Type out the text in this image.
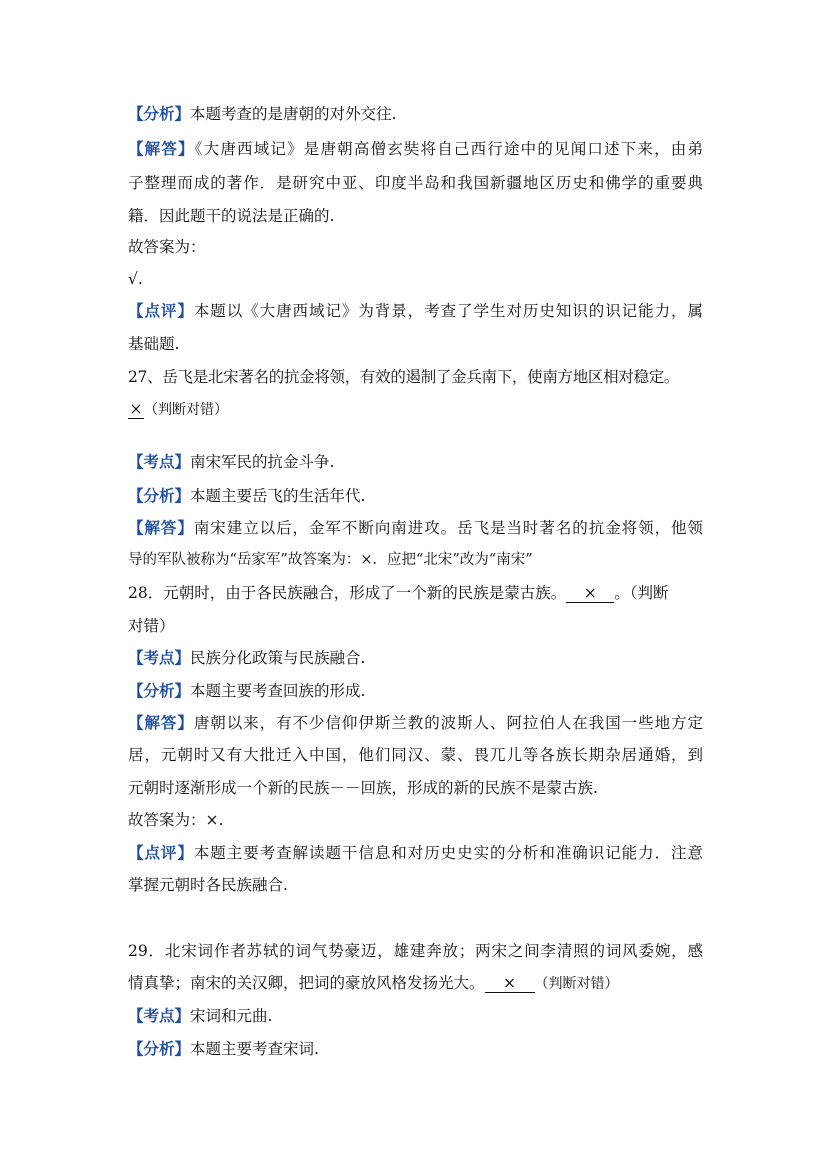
【分析】本题考查的是唐朝的对外交往.
【解答】《大唐西域记》是唐朝高僧玄奘将自己西行途中的见闻口述下来，由弟
子整理而成的著作．是研究中亚、印度半岛和我国新疆地区历史和佛学的重要典
籍．因此题干的说法是正确的.
故答案为：
√.
【点评】本题以《大唐西域记》为背景，考查了学生对历史知识的识记能力，属
基础题.
27、岳飞是北宋著名的抗金将领，有效的遏制了金兵南下，使南方地区相对稳定。
× （判断对错）
【考点】南宋军民的抗金斗争.
【分析】本题主要岳飞的生活年代.
【解答】南宋建立以后，金军不断向南进攻。岳飞是当时著名的抗金将领，他领
导的军队被称为“岳家军”故答案为：×．应把“北宋”改为“南宋”
28．元朝时，由于各民族融合，形成了一个新的民族是蒙古族。 × 。（判断
对错）
【考点】民族分化政策与民族融合.
【分析】本题主要考查回族的形成.
【解答】唐朝以来，有不少信仰伊斯兰教的波斯人、阿拉伯人在我国一些地方定
居，元朝时又有大批迁入中国，他们同汉、蒙、畏兀儿等各族长期杂居通婚，到
元朝时逐渐形成一个新的民族－－回族，形成的新的民族不是蒙古族.
故答案为：×.
【点评】本题主要考查解读题干信息和对历史史实的分析和准确识记能力．注意
掌握元朝时各民族融合.
29．北宋词作者苏轼的词气势豪迈，雄建奔放；两宋之间李清照的词风委婉，感
情真挚；南宋的关汉卿，把词的豪放风格发扬光大。 × （判断对错）
【考点】宋词和元曲.
【分析】本题主要考查宋词.
